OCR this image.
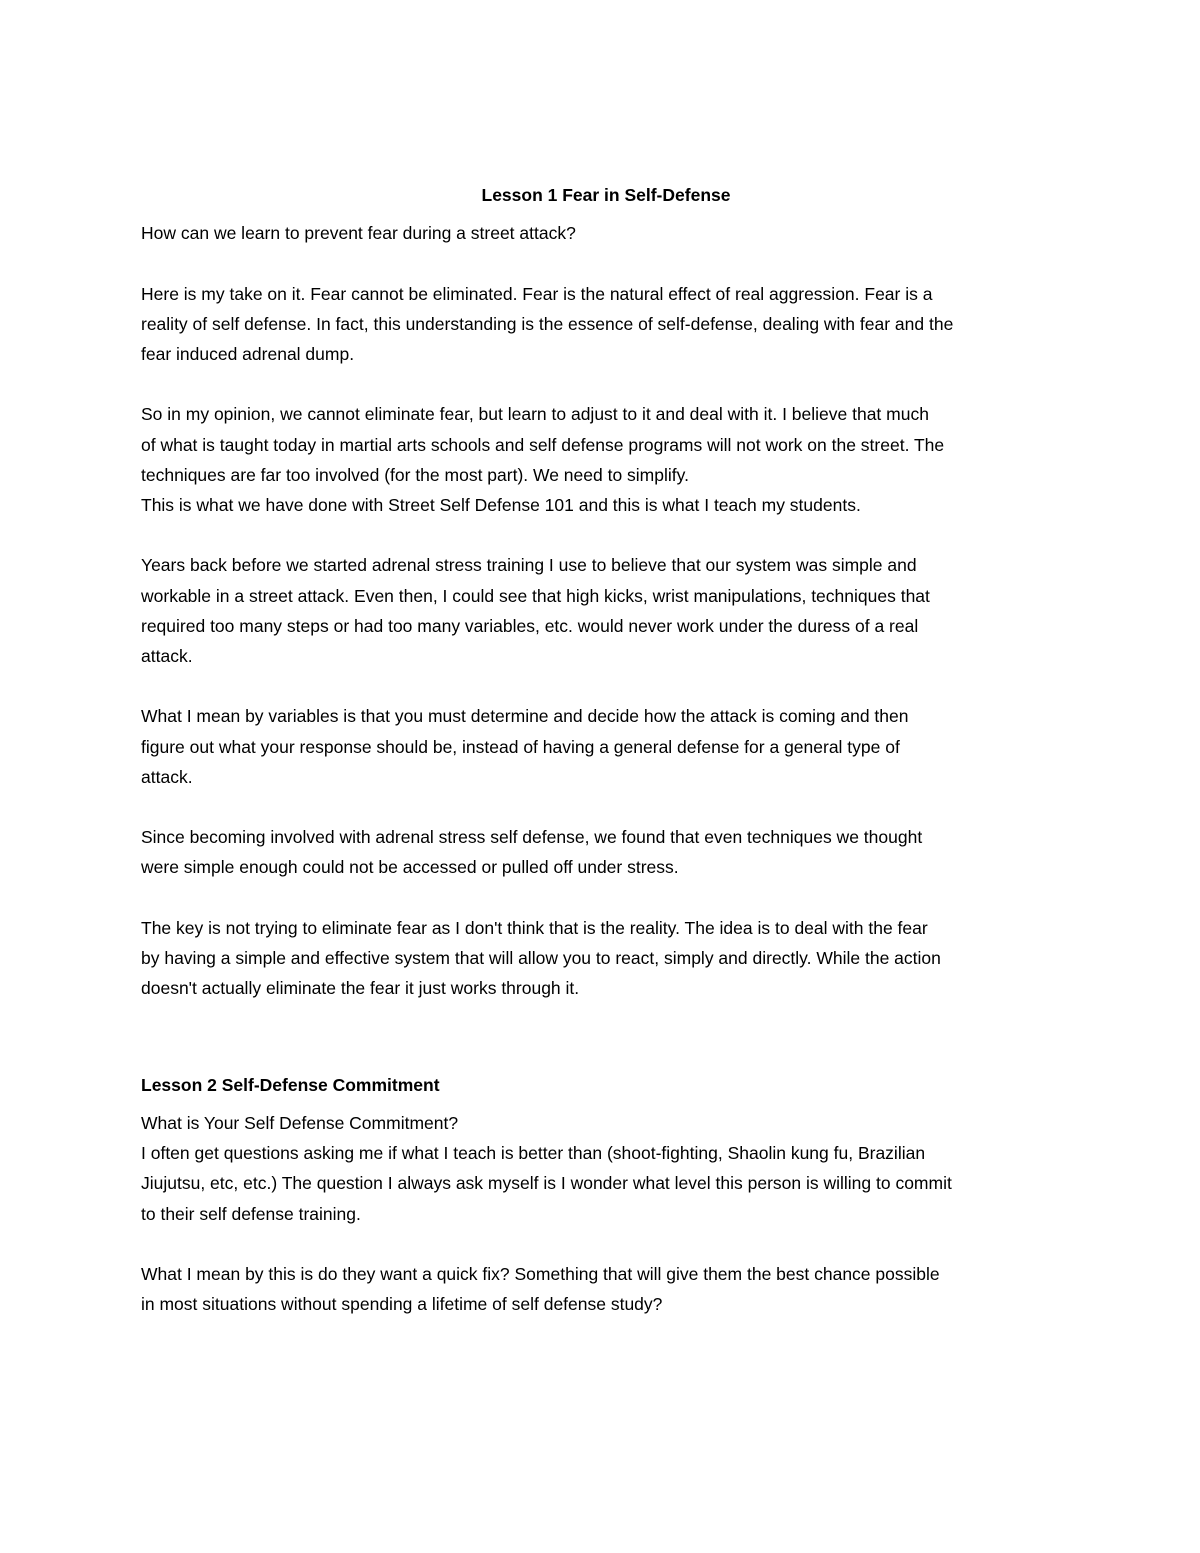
Lesson 1 Fear in Self-Defense

How can we learn to prevent fear during a street attack?
Here is my take on it. Fear cannot be eliminated. Fear is the natural effect of real aggression. Fear is a
reality of self defense. In fact, this understanding is the essence of self-defense, dealing with fear and the
fear induced adrenal dump.
So in my opinion, we cannot eliminate fear, but learn to adjust to it and deal with it. I believe that much
of what is taught today in martial arts schools and self defense programs will not work on the street. The
techniques are far too involved (for the most part). We need to simplify.
This is what we have done with Street Self Defense 101 and this is what I teach my students.
Years back before we started adrenal stress training I use to believe that our system was simple and
workable in a street attack. Even then, I could see that high kicks, wrist manipulations, techniques that
required too many steps or had too many variables, etc. would never work under the duress of a real
attack.
What I mean by variables is that you must determine and decide how the attack is coming and then
figure out what your response should be, instead of having a general defense for a general type of
attack.
Since becoming involved with adrenal stress self defense, we found that even techniques we thought
were simple enough could not be accessed or pulled off under stress.
The key is not trying to eliminate fear as I don't think that is the reality. The idea is to deal with the fear
by having a simple and effective system that will allow you to react, simply and directly. While the action
doesn't actually eliminate the fear it just works through it.

Lesson 2 Self-Defense Commitment

What is Your Self Defense Commitment?
I often get questions asking me if what I teach is better than (shoot-fighting, Shaolin kung fu, Brazilian
Jiujutsu, etc, etc.) The question I always ask myself is I wonder what level this person is willing to commit
to their self defense training.
What I mean by this is do they want a quick fix? Something that will give them the best chance possible
in most situations without spending a lifetime of self defense study?
